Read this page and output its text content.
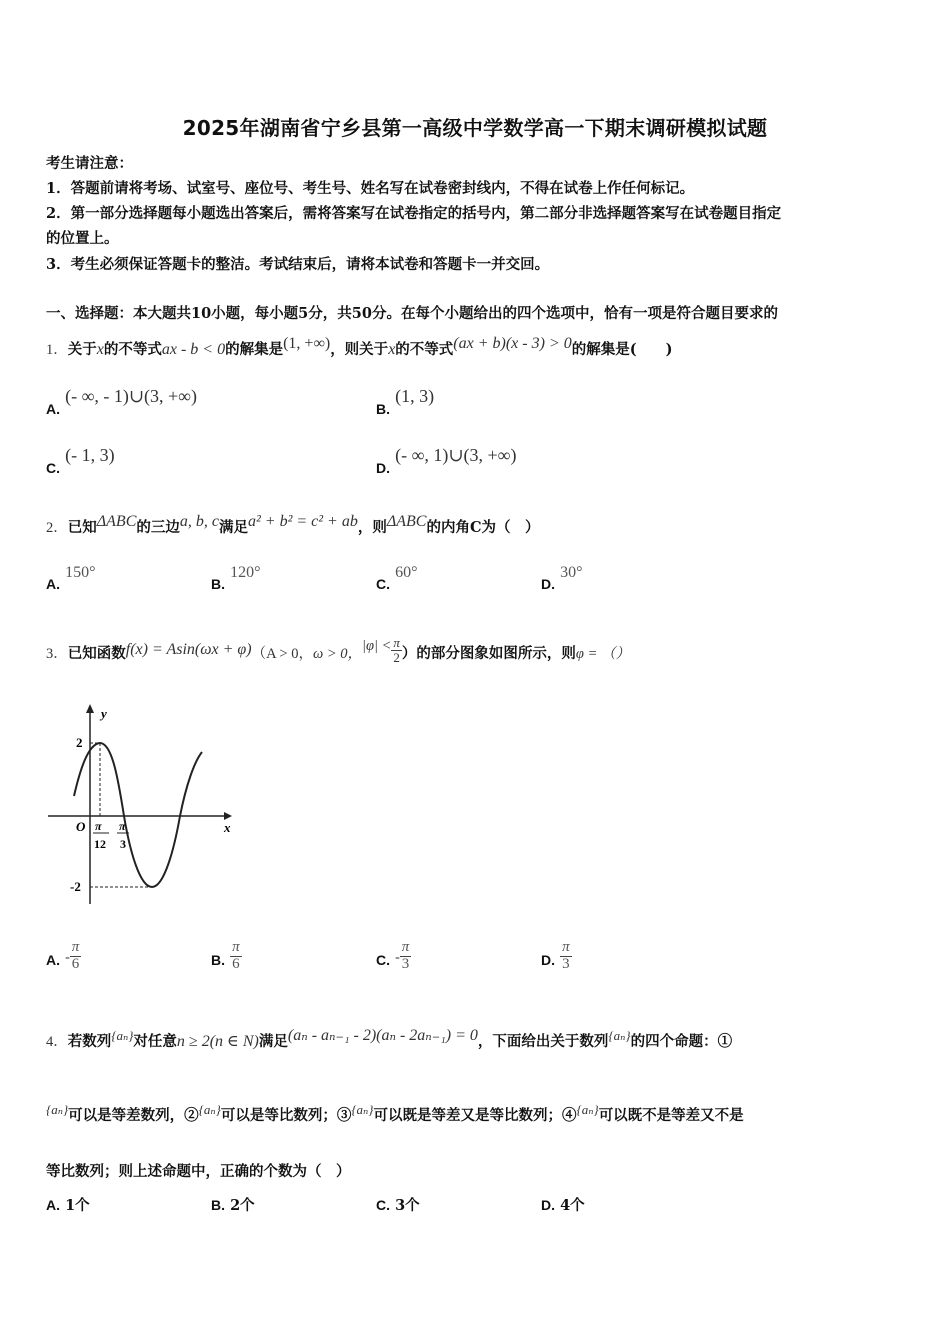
2025年湖南省宁乡县第一高级中学数学高一下期末调研模拟试题
考生请注意：
1．答题前请将考场、试室号、座位号、考生号、姓名写在试卷密封线内，不得在试卷上作任何标记。
2．第一部分选择题每小题选出答案后，需将答案写在试卷指定的括号内，第二部分非选择题答案写在试卷题目指定
的位置上。
3．考生必须保证答题卡的整洁。考试结束后，请将本试卷和答题卡一并交回。
一、选择题：本大题共10小题，每小题5分，共50分。在每个小题给出的四个选项中，恰有一项是符合题目要求的
1．关于x的不等式ax - b < 0的解集是(1, +∞)，则关于x的不等式(ax + b)(x - 3) > 0的解集是(　　)
A. (- ∞, - 1)∪(3, +∞)
B. (1, 3)
C. (- 1, 3)
D. (- ∞, 1)∪(3, +∞)
2．已知ΔABC的三边a, b, c满足a² + b² = c² + ab，则ΔABC的内角C为（　）
A. 150°
B. 120°
C. 60°
D. 30°
3．已知函数f(x) = Asin(ωx + φ)（A > 0，ω > 0，$|\varphi| < \frac{\pi}{2}$ ）的部分图象如图所示，则φ = （）
y
x
O
2
-2
π
12
π
3
A. - $\frac{\pi}{6}$	B. $\frac{\pi}{6}$	C. - $\frac{\pi}{3}$	D. $\frac{\pi}{3}$
4．若数列{aₙ}对任意n ≥ 2(n ∈ N)满足(aₙ - aₙ₋₁ - 2)(aₙ - 2aₙ₋₁) = 0，下面给出关于数列{aₙ}的四个命题：①
{aₙ}可以是等差数列，②{aₙ}可以是等比数列；③{aₙ}可以既是等差又是等比数列；④{aₙ}可以既不是等差又不是
等比数列；则上述命题中，正确的个数为（　）
A. 1个	B. 2个	C. 3个	D. 4个
